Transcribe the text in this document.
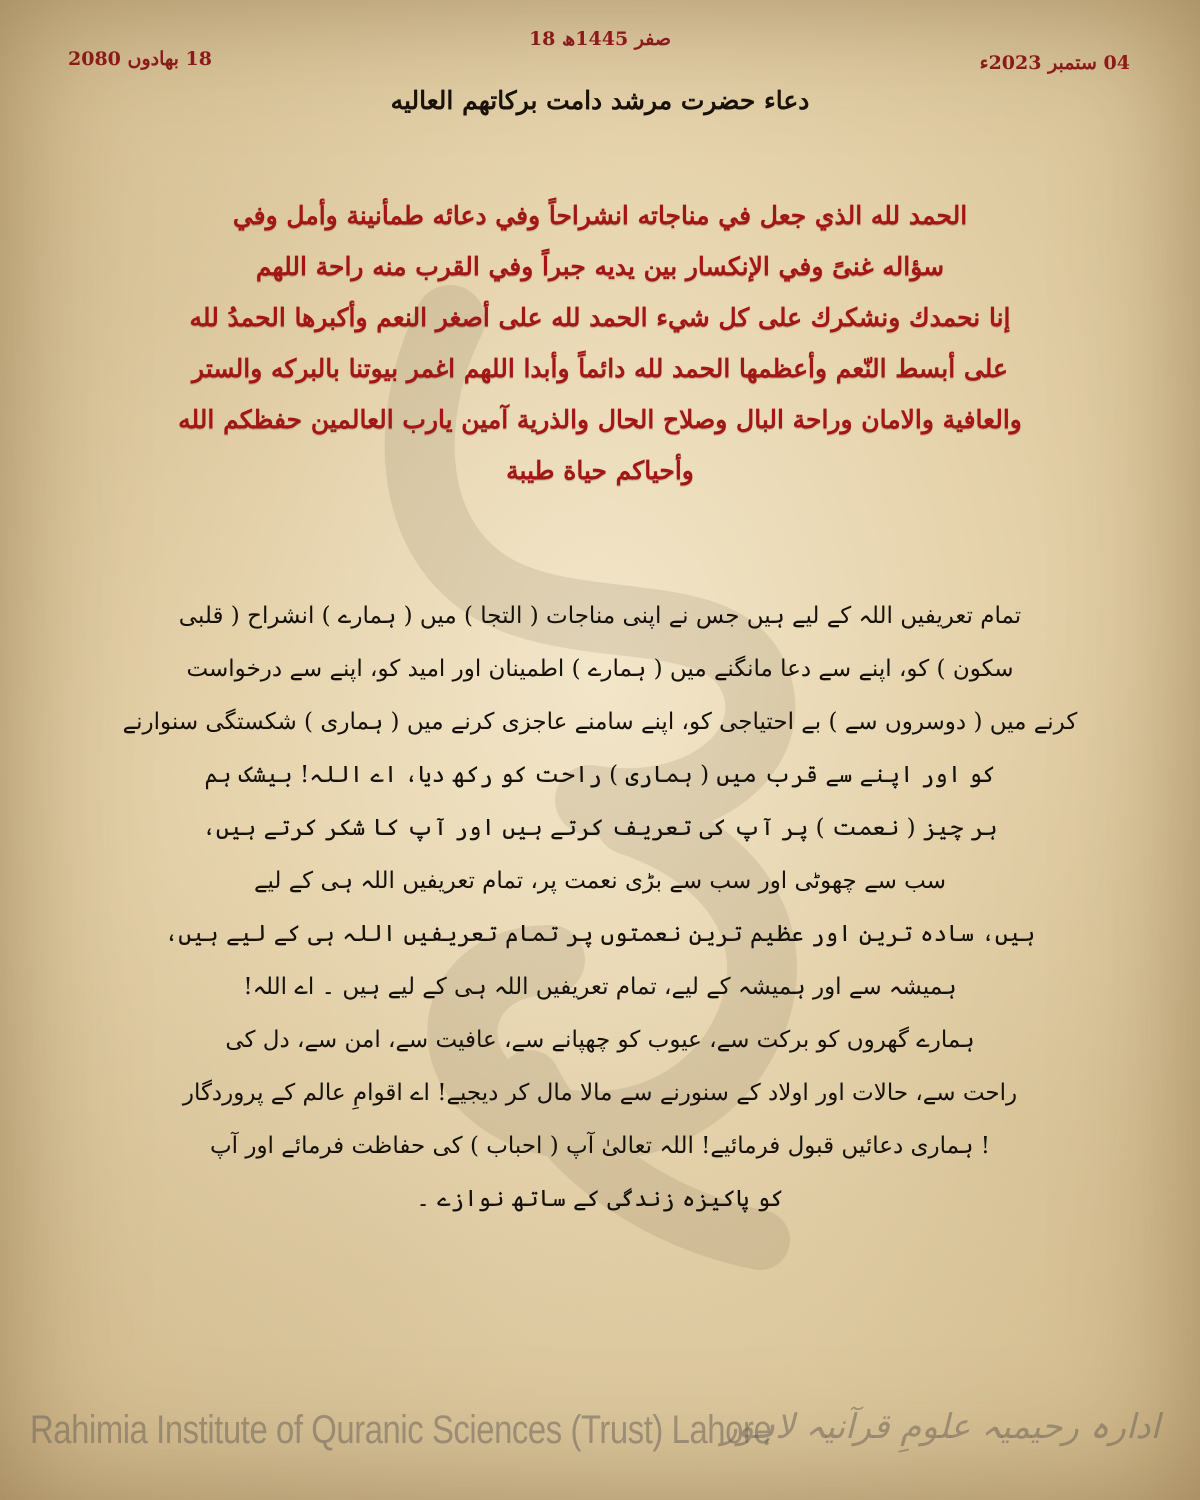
18 صفر 1445ھ
04 ستمبر 2023ء
18 بھادوں 2080
دعاء حضرت مرشد دامت بركاتهم العاليه
الحمد لله الذي جعل في مناجاته انشراحاً وفي دعائه طمأنينة وأمل وفي
سؤاله غنىً وفي الإنكسار بين يديه جبراً وفي القرب منه راحة اللهم
إنا نحمدك ونشكرك على كل شيء الحمد لله على أصغر النعم وأكبرها الحمدُ لله
على أبسط النّعم وأعظمها الحمد لله دائماً وأبدا اللهم اغمر بيوتنا بالبركه والستر
والعافية والامان وراحة البال وصلاح الحال والذرية آمين يارب العالمين حفظكم الله
وأحياكم حياة طيبة
تمام تعریفیں اللہ کے لیے ہیں جس نے اپنی مناجات ( التجا ) میں ( ہمارے ) انشراح ( قلبی
سکون ) کو، اپنے سے دعا مانگنے میں ( ہمارے ) اطمینان اور امید کو، اپنے سے درخواست
کرنے میں ( دوسروں سے ) بے احتیاجی کو، اپنے سامنے عاجزی کرنے میں ( ہماری ) شکستگی سنوارنے
کو اور اپنے سے قرب میں ( ہماری ) راحت کو رکھ دیا، اے اللہ! بیشک ہم
ہر چیز ( نعمت ) پر آپ کی تعریف کرتے ہیں اور آپ کا شکر کرتے ہیں،
سب سے چھوٹی اور سب سے بڑی نعمت پر، تمام تعریفیں اللہ ہی کے لیے
ہیں، سادہ ترین اور عظیم ترین نعمتوں پر تمام تعریفیں اللہ ہی کے لیے ہیں،
ہمیشہ سے اور ہمیشہ کے لیے، تمام تعریفیں اللہ ہی کے لیے ہیں ۔ اے اللہ!
ہمارے گھروں کو برکت سے، عیوب کو چھپانے سے، عافیت سے، امن سے، دل کی
راحت سے، حالات اور اولاد کے سنورنے سے مالا مال کر دیجیے! اے اقوامِ عالم کے پروردگار
! ہماری دعائیں قبول فرمائیے! اللہ تعالیٰ آپ ( احباب ) کی حفاظت فرمائے اور آپ
کو پاکیزہ زندگی کے ساتھ نوازے ۔
Rahimia Institute of Quranic Sciences (Trust) Lahore
ادارہ رحیمیہ علومِ قرآنیہ لاہور
